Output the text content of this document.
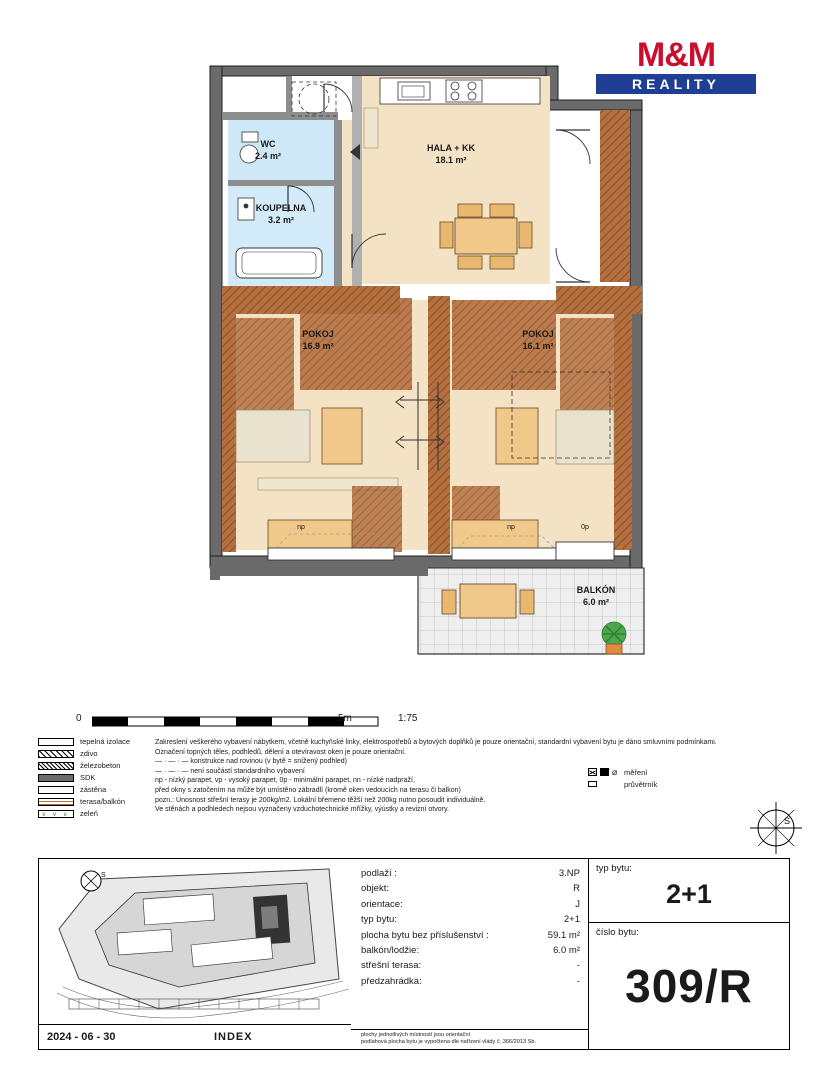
M&M
REALITY
WC
2.4 m²
KOUPELNA
3.2 m²
HALA + KK
18.1 m²
POKOJ
16.9 m²
POKOJ
16.1 m²
BALKÓN
6.0 m²
np	np	0p
0	5m	1:75
tepelná izolace
zdivo
železobeton
SDK
zástěna
terasa/balkón
v v v	zeleň
Zakreslení veškerého vybavení nábytkem, včetně kuchyňské linky, elektrospotřebů a bytových doplňků je pouze orientační, standardní vybavení bytu je dáno smluvními podmínkami.
Označení topných těles, podhledů, dělení a otevíravost oken je pouze orientační.
— · — · — konstrukce nad rovinou (v bytě = snížený podhled)
— · — · — není součástí standardního vybavení
np - nízký parapet, vp - vysoký parapet, 0p - minimální parapet, nn - nízké nadpraží,
před okny s zatočením na může být umístěno zábradlí (kromě oken vedoucích na terasu či balkon)
pozn.: Únosnost střešní terasy je 200kg/m2. Lokální břemeno těžší než 200kg nutno posoudit individuálně.
Ve stěnách a podhledech nejsou vyznačeny vzduchotechnické mřížky, výústky a revizní otvory.
⌀ měření
průvětrník
S
S
2024 - 06 - 30	INDEX
podlaží :	3.NP
objekt:	R
orientace:	J
typ bytu:	2+1
plocha bytu bez příslušenství :	59.1 m²
balkón/lodžie:	6.0 m²
střešní terasa:	-
předzahrádka:	-
plochy jednotlivých místností jsou orientační
podlahová plocha bytu je vypočtena dle nařízení vlády č. 366/2013 Sb.
typ bytu:
2+1
číslo bytu:
309/R
